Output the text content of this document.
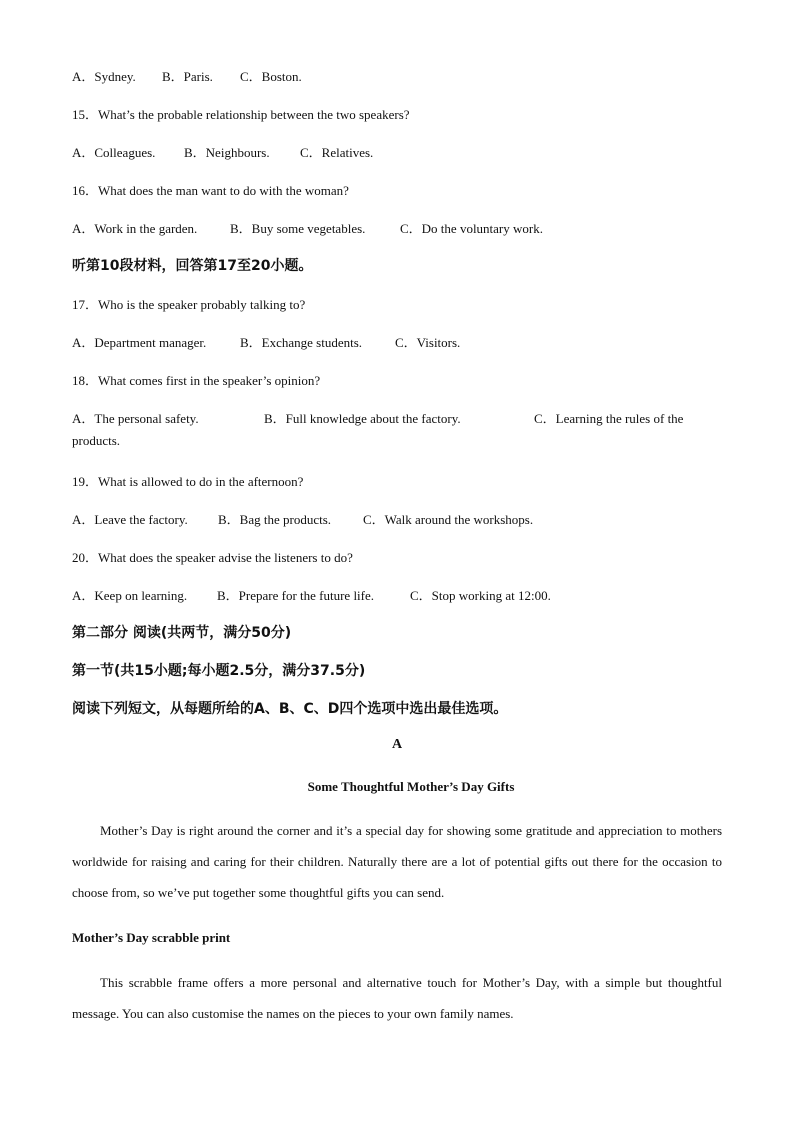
A．Sydney. B．Paris. C．Boston.
15．What’s the probable relationship between the two speakers?
A．Colleagues. B．Neighbours. C．Relatives.
16．What does the man want to do with the woman?
A．Work in the garden.	B．Buy some vegetables.	C．Do the voluntary work.
听第10段材料，回答第17至20小题。
17．Who is the speaker probably talking to?
A．Department manager.	B．Exchange students.	C．Visitors.
18．What comes first in the speaker’s opinion?
A．The personal safety.	B．Full knowledge about the factory.	C．Learning the rules of the
products.
19．What is allowed to do in the afternoon?
A．Leave the factory. B．Bag the products. C．Walk around the workshops.
20．What does the speaker advise the listeners to do?
A．Keep on learning. B．Prepare for the future life.	C．Stop working at 12:00.
第二部分 阅读(共两节，满分50分)
第一节(共15小题;每小题2.5分，满分37.5分)
阅读下列短文，从每题所给的A、B、C、D四个选项中选出最佳选项。
A
Some Thoughtful Mother’s Day Gifts

Mother’s Day is right around the corner and it’s a special day for showing some gratitude and appreciation to mothers worldwide for raising and caring for their children. Naturally there are a lot of potential gifts out there for the occasion to choose from, so we’ve put together some thoughtful gifts you can send.

Mother’s Day scrabble print

This scrabble frame offers a more personal and alternative touch for Mother’s Day, with a simple but thoughtful message. You can also customise the names on the pieces to your own family names.
